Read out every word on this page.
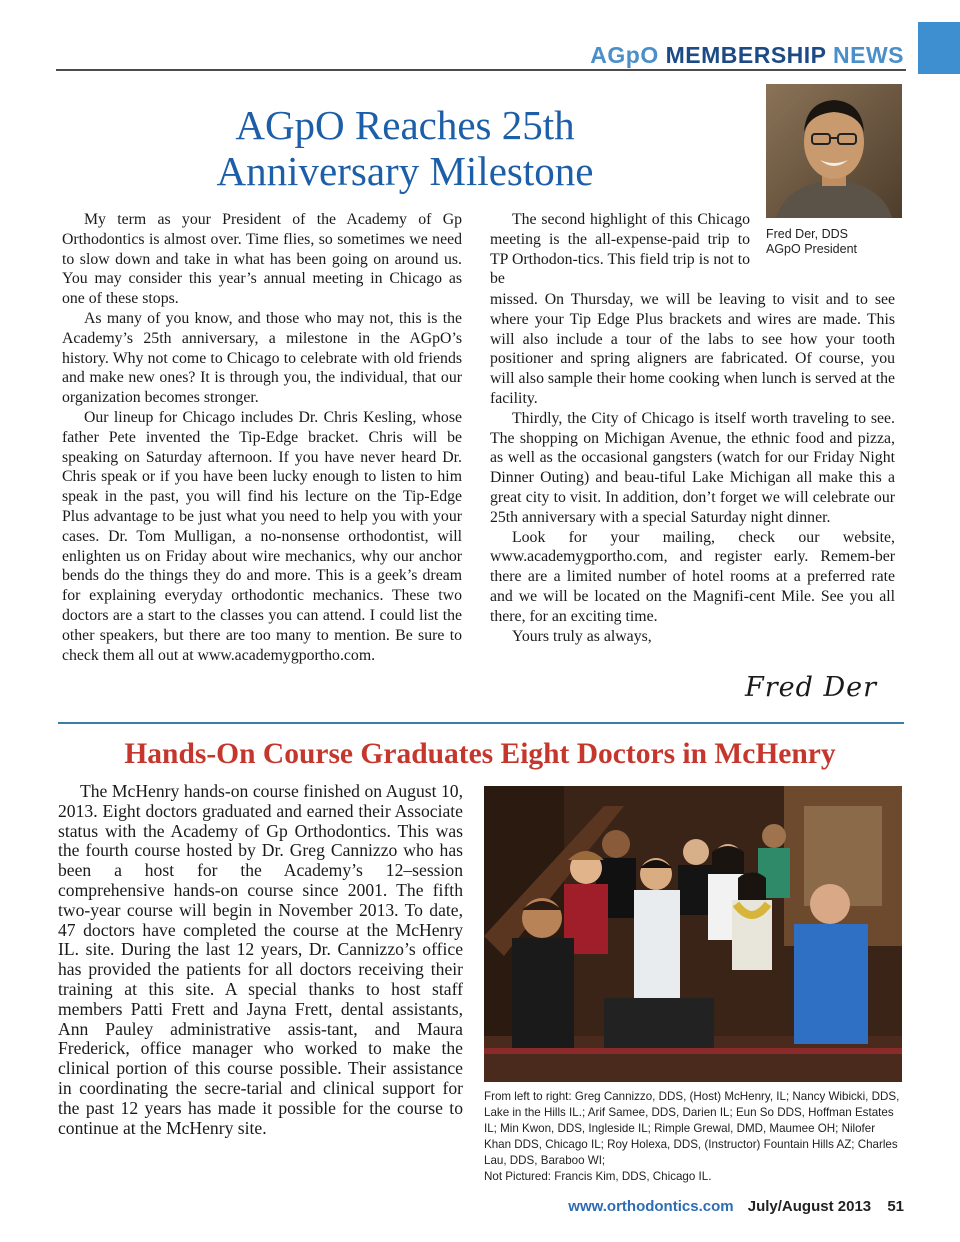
AGpO MEMBERSHIP NEWS
AGpO Reaches 25th
Anniversary Milestone
Fred Der, DDS
AGpO President

My term as your President of the Academy of Gp Orthodontics is almost over. Time flies, so sometimes we need to slow down and take in what has been going on around us. You may consider this year’s annual meeting in Chicago as one of these stops.

As many of you know, and those who may not, this is the Academy’s 25th anniversary, a milestone in the AGpO’s history. Why not come to Chicago to celebrate with old friends and make new ones? It is through you, the individual, that our organization becomes stronger.

Our lineup for Chicago includes Dr. Chris Kesling, whose father Pete invented the Tip-Edge bracket. Chris will be speaking on Saturday afternoon. If you have never heard Dr. Chris speak or if you have been lucky enough to listen to him speak in the past, you will find his lecture on the Tip-Edge Plus advantage to be just what you need to help you with your cases. Dr. Tom Mulligan, a no-nonsense orthodontist, will enlighten us on Friday about wire mechanics, why our anchor bends do the things they do and more. This is a geek’s dream for explaining everyday orthodontic mechanics. These two doctors are a start to the classes you can attend. I could list the other speakers, but there are too many to mention. Be sure to check them all out at www.academygportho.com.

The second highlight of this Chicago meeting is the all-expense-paid trip to TP Orthodon-tics. This field trip is not to be

missed. On Thursday, we will be leaving to visit and to see where your Tip Edge Plus brackets and wires are made. This will also include a tour of the labs to see how your tooth positioner and spring aligners are fabricated. Of course, you will also sample their home cooking when lunch is served at the facility.

Thirdly, the City of Chicago is itself worth traveling to see. The shopping on Michigan Avenue, the ethnic food and pizza, as well as the occasional gangsters (watch for our Friday Night Dinner Outing) and beau-tiful Lake Michigan all make this a great city to visit. In addition, don’t forget we will celebrate our 25th anniversary with a special Saturday night dinner.

Look for your mailing, check our website, www.academygportho.com, and register early. Remem-ber there are a limited number of hotel rooms at a preferred rate and we will be located on the Magnifi-cent Mile. See you all there, for an exciting time.

Yours truly as always,

Fred Der
Hands-On Course Graduates Eight Doctors in McHenry

The McHenry hands-on course finished on August 10, 2013. Eight doctors graduated and earned their Associate status with the Academy of Gp Orthodontics. This was the fourth course hosted by Dr. Greg Cannizzo who has been a host for the Academy’s 12–session comprehensive hands-on course since 2001. The fifth two-year course will begin in November 2013. To date, 47 doctors have completed the course at the McHenry IL. site. During the last 12 years, Dr. Cannizzo’s office has provided the patients for all doctors receiving their training at this site. A special thanks to host staff members Patti Frett and Jayna Frett, dental assistants, Ann Pauley administrative assis-tant, and Maura Frederick, office manager who worked to make the clinical portion of this course possible. Their assistance in coordinating the secre-tarial and clinical support for the past 12 years has made it possible for the course to continue at the McHenry site.

From left to right: Greg Cannizzo, DDS, (Host) McHenry, IL; Nancy Wibicki, DDS, Lake in the Hills IL.; Arif Samee, DDS, Darien IL; Eun So DDS, Hoffman Estates IL; Min Kwon, DDS, Ingleside IL; Rimple Grewal, DMD, Maumee OH; Nilofer Khan DDS, Chicago IL; Roy Holexa, DDS, (Instructor) Fountain Hills AZ; Charles Lau, DDS, Baraboo WI;
Not Pictured: Francis Kim, DDS, Chicago IL.
www.orthodontics.com July/August 2013 51
